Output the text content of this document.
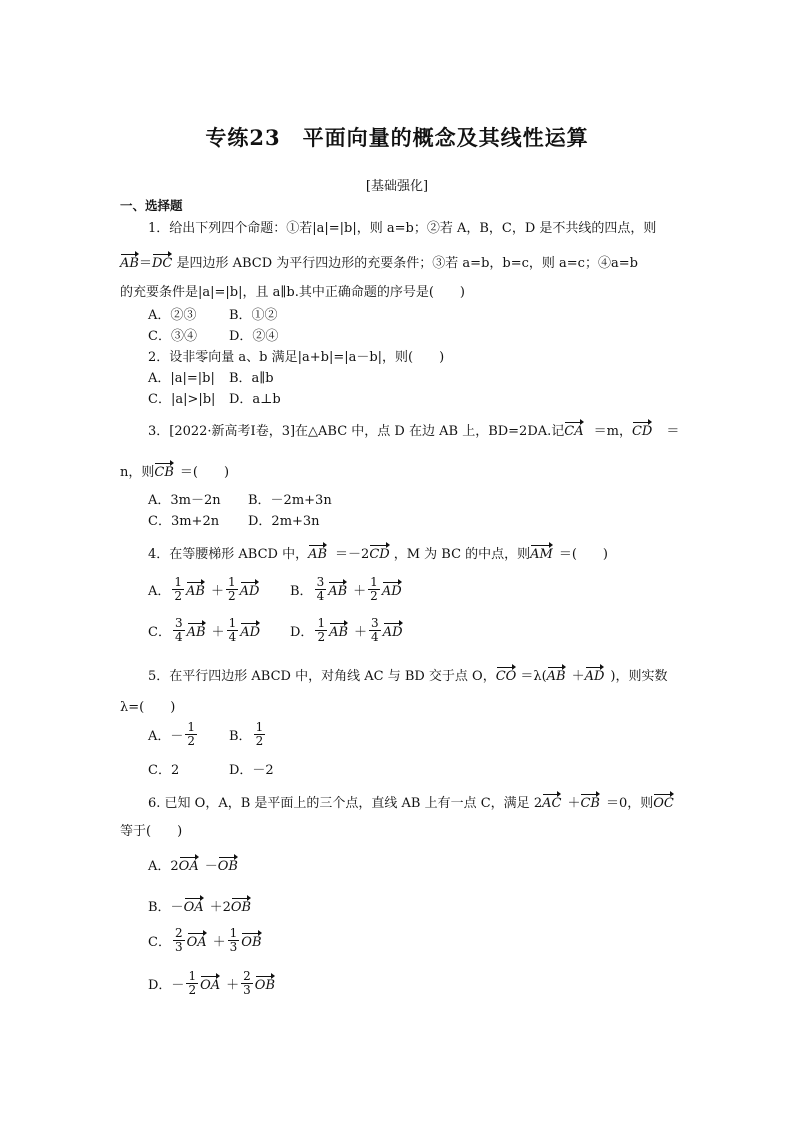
专练23　平面向量的概念及其线性运算
[基础强化]
一、选择题
1．给出下列四个命题：①若|a|=|b|，则 a=b；②若 A，B，C，D 是不共线的四点，则
AB＝DC 是四边形 ABCD 为平行四边形的充要条件；③若 a=b，b=c，则 a=c；④a=b
的充要条件是|a|=|b|，且 a∥b.其中正确命题的序号是(　　)
A．②③	B．①②
C．③④ D．②④
2．设非零向量 a、b 满足|a+b|=|a－b|，则(　　)
A．|a|=|b| B．a∥b
C．|a|>|b| D．a⊥b
3．[2022·新高考Ⅰ卷，3]在△ABC 中，点 D 在边 AB 上，BD=2DA.记CA ＝m，CD ＝
n，则CB ＝(　　)
A．3m－2n B．－2m+3n
C．3m+2n D．2m+3n
4．在等腰梯形 ABCD 中，AB ＝－2CD ，M 为 BC 的中点，则AM ＝(　　)
A． $\frac{1}{2}$ AB ＋ $\frac{1}{2}$ AD B． $\frac{3}{4}$ AB ＋ $\frac{1}{2}$ AD
C． $\frac{3}{4}$ AB ＋ $\frac{1}{4}$ AD D． $\frac{1}{2}$ AB ＋ $\frac{3}{4}$ AD
5．在平行四边形 ABCD 中，对角线 AC 与 BD 交于点 O，CO ＝λ(AB ＋AD )，则实数
λ=(　　)
A．－ $\frac{1}{2}$ B． $\frac{1}{2}$
C．2	D．－2
6. 已知 O，A，B 是平面上的三个点，直线 AB 上有一点 C，满足 2AC ＋CB ＝0，则OC
等于(　　)
A．2 OA － OB
B．－ OA ＋2 OB
C． $\frac{2}{3}$ OA ＋ $\frac{1}{3}$ OB
D．－ $\frac{1}{2}$ OA ＋ $\frac{2}{3}$ OB
